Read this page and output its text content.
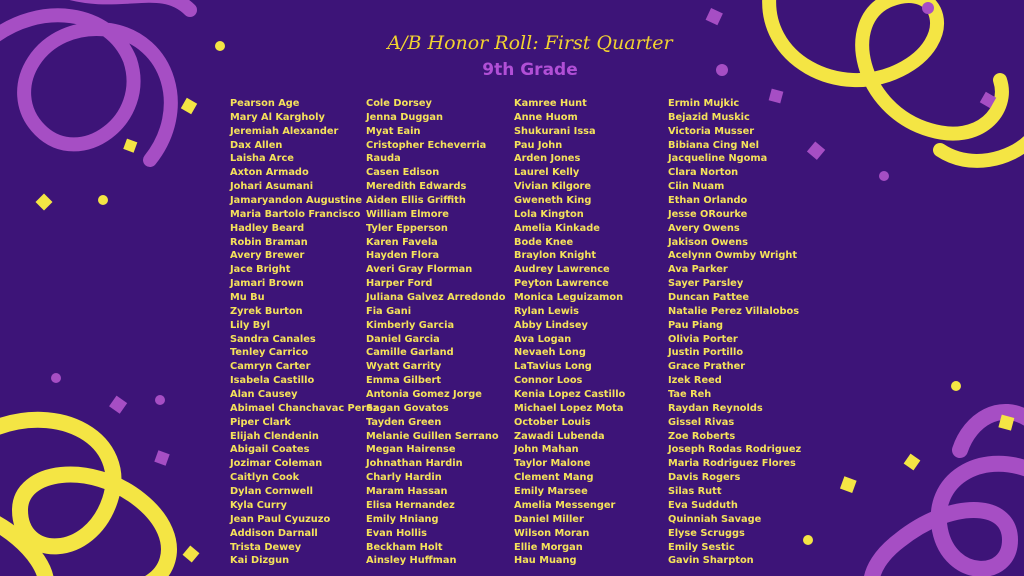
A/B Honor Roll: First Quarter
9th Grade
Pearson Age
Mary Al Kargholy
Jeremiah Alexander
Dax Allen
Laisha Arce
Axton Armado
Johari Asumani
Jamaryandon Augustine
Maria Bartolo Francisco
Hadley Beard
Robin Braman
Avery Brewer
Jace Bright
Jamari Brown
Mu Bu
Zyrek Burton
Lily Byl
Sandra Canales
Tenley Carrico
Camryn Carter
Isabela Castillo
Alan Causey
Abimael Chanchavac Perez
Piper Clark
Elijah Clendenin
Abigail Coates
Jozimar Coleman
Caitlyn Cook
Dylan Cornwell
Kyla Curry
Jean Paul Cyuzuzo
Addison Darnall
Trista Dewey
Kai Dizgun
Cole Dorsey
Jenna Duggan
Myat Eain
Cristopher Echeverria
Rauda
Casen Edison
Meredith Edwards
Aiden Ellis Griffith
William Elmore
Tyler Epperson
Karen Favela
Hayden Flora
Averi Gray Florman
Harper Ford
Juliana Galvez Arredondo
Fia Gani
Kimberly Garcia
Daniel Garcia
Camille Garland
Wyatt Garrity
Emma Gilbert
Antonia Gomez Jorge
Sagan Govatos
Tayden Green
Melanie Guillen Serrano
Megan Hairense
Johnathan Hardin
Charly Hardin
Maram Hassan
Elisa Hernandez
Emily Hniang
Evan Hollis
Beckham Holt
Ainsley Huffman
Kamree Hunt
Anne Huom
Shukurani Issa
Pau John
Arden Jones
Laurel Kelly
Vivian Kilgore
Gweneth King
Lola Kington
Amelia Kinkade
Bode Knee
Braylon Knight
Audrey Lawrence
Peyton Lawrence
Monica Leguizamon
Rylan Lewis
Abby Lindsey
Ava Logan
Nevaeh Long
LaTavius Long
Connor Loos
Kenia Lopez Castillo
Michael Lopez Mota
October Louis
Zawadi Lubenda
John Mahan
Taylor Malone
Clement Mang
Emily Marsee
Amelia Messenger
Daniel Miller
Wilson Moran
Ellie Morgan
Hau Muang
Ermin Mujkic
Bejazid Muskic
Victoria Musser
Bibiana Cing Nel
Jacqueline Ngoma
Clara Norton
Ciin Nuam
Ethan Orlando
Jesse ORourke
Avery Owens
Jakison Owens
Acelynn Owmby Wright
Ava Parker
Sayer Parsley
Duncan Pattee
Natalie Perez Villalobos
Pau Piang
Olivia Porter
Justin Portillo
Grace Prather
Izek Reed
Tae Reh
Raydan Reynolds
Gissel Rivas
Zoe Roberts
Joseph Rodas Rodriguez
Maria Rodriguez Flores
Davis Rogers
Silas Rutt
Eva Sudduth
Quinniah Savage
Elyse Scruggs
Emily Sestic
Gavin Sharpton
